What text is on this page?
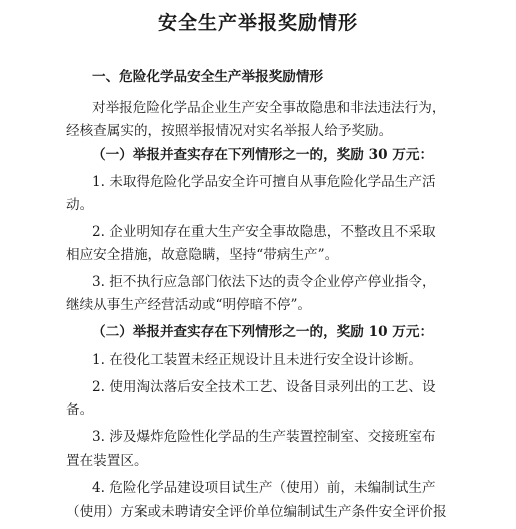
安全生产举报奖励情形
一、危险化学品安全生产举报奖励情形
对举报危险化学品企业生产安全事故隐患和非法违法行为，
经核查属实的，按照举报情况对实名举报人给予奖励。
（一）举报并查实存在下列情形之一的，奖励 30 万元：
1. 未取得危险化学品安全许可擅自从事危险化学品生产活
动。
2. 企业明知存在重大生产安全事故隐患，不整改且不采取
相应安全措施，故意隐瞒，坚持“带病生产”。
3. 拒不执行应急部门依法下达的责令企业停产停业指令，
继续从事生产经营活动或“明停暗不停”。
（二）举报并查实存在下列情形之一的，奖励 10 万元：
1. 在役化工装置未经正规设计且未进行安全设计诊断。
2. 使用淘汰落后安全技术工艺、设备目录列出的工艺、设
备。
3. 涉及爆炸危险性化学品的生产装置控制室、交接班室布
置在装置区。
4. 危险化学品建设项目试生产（使用）前，未编制试生产
（使用）方案或未聘请安全评价单位编制试生产条件安全评价报
